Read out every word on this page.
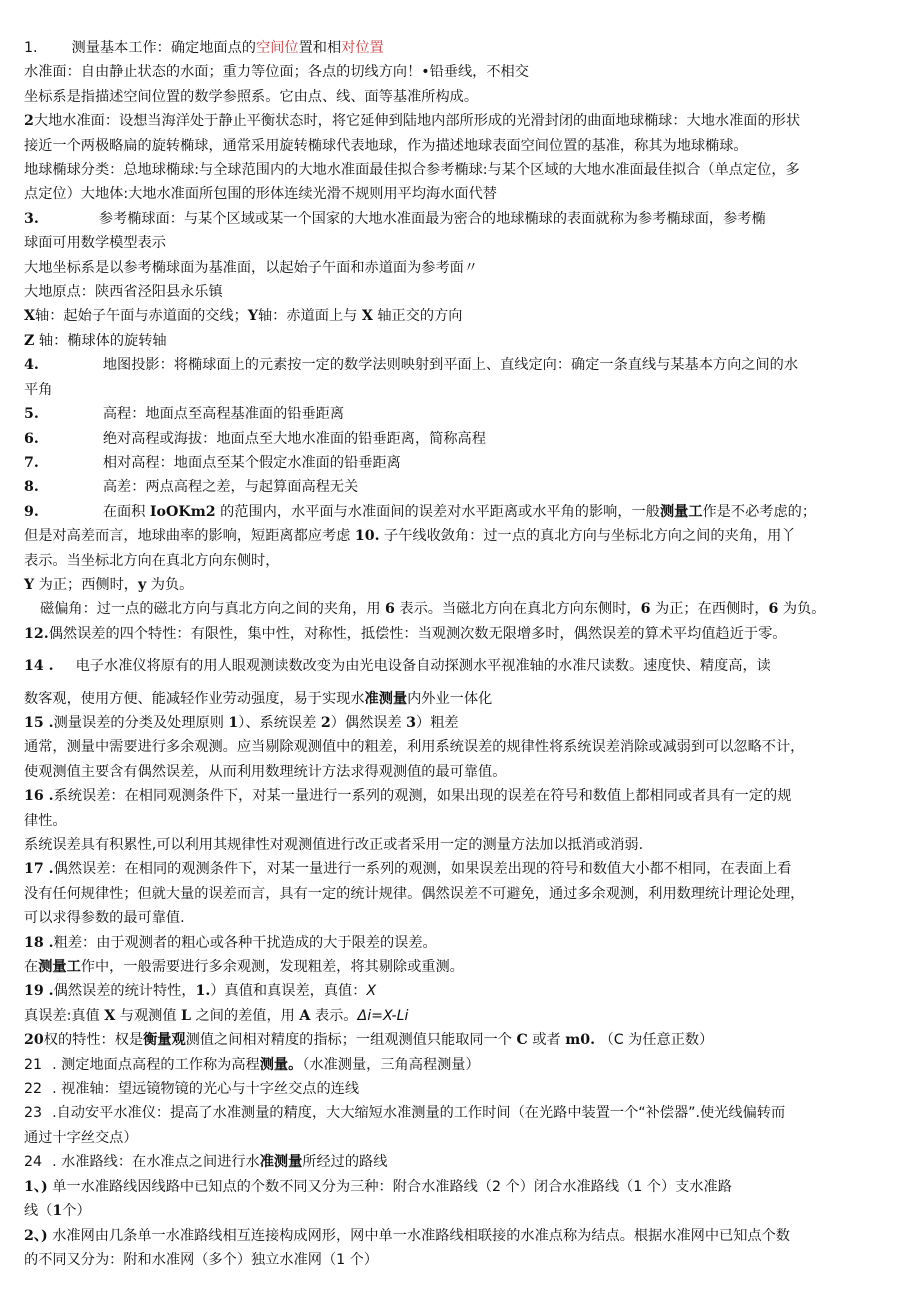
1. 测量基本工作：确定地面点的空间位置和相对位置
水准面：自由静止状态的水面；重力等位面；各点的切线方向！•铅垂线，不相交
坐标系是指描述空间位置的数学参照系。它由点、线、面等基准所构成。
2大地水准面：设想当海洋处于静止平衡状态时，将它延伸到陆地内部所形成的光滑封闭的曲面地球椭球：大地水准面的形状
接近一个两极略扁的旋转椭球，通常采用旋转椭球代表地球，作为描述地球表面空间位置的基准，称其为地球椭球。
地球椭球分类：总地球椭球:与全球范围内的大地水准面最佳拟合参考椭球:与某个区域的大地水准面最佳拟合（单点定位，多
点定位）大地体:大地水准面所包围的形体连续光滑不规则用平均海水面代替
3.	参考椭球面：与某个区域或某一个国家的大地水准面最为密合的地球椭球的表面就称为参考椭球面，参考椭
球面可用数学模型表示
大地坐标系是以参考椭球面为基准面，以起始子午面和赤道面为参考面〃
大地原点：陕西省泾阳县永乐镇
X轴：起始子午面与赤道面的交线；Y轴：赤道面上与 X 轴正交的方向
Z 轴：椭球体的旋转轴
4.	地图投影：将椭球面上的元素按一定的数学法则映射到平面上、直线定向：确定一条直线与某基本方向之间的水
平角
5.	高程：地面点至高程基准面的铅垂距离
6.	绝对高程或海拔：地面点至大地水准面的铅垂距离，简称高程
7.	相对高程：地面点至某个假定水准面的铅垂距离
8.	高差：两点高程之差，与起算面高程无关
9.	在面积 IoOKm2 的范围内，水平面与水准面间的误差对水平距离或水平角的影响，一般测量工作是不必考虑的；
但是对高差而言，地球曲率的影响，短距离都应考虑 10. 子午线收敛角：过一点的真北方向与坐标北方向之间的夹角，用丫
表示。当坐标北方向在真北方向东侧时，
Y 为正；西侧时，y 为负。
磁偏角：过一点的磁北方向与真北方向之间的夹角，用 6 表示。当磁北方向在真北方向东侧时，6 为正；在西侧时，6 为负。
12.偶然误差的四个特性：有限性，集中性，对称性，抵偿性：当观测次数无限增多时，偶然误差的算术平均值趋近于零。
14 . 电子水准仪将原有的用人眼观测读数改变为由光电设备自动探测水平视准轴的水准尺读数。速度快、精度高，读
数客观，使用方便、能减轻作业劳动强度，易于实现水准测量内外业一体化
15 .测量误差的分类及处理原则 1）、系统误差 2）偶然误差 3）粗差
通常，测量中需要进行多余观测。应当剔除观测值中的粗差，利用系统误差的规律性将系统误差消除或减弱到可以忽略不计，
使观测值主要含有偶然误差，从而利用数理统计方法求得观测值的最可靠值。
16 .系统误差：在相同观测条件下，对某一量进行一系列的观测，如果出现的误差在符号和数值上都相同或者具有一定的规
律性。
系统误差具有积累性,可以利用其规律性对观测值进行改正或者采用一定的测量方法加以抵消或消弱.
17 .偶然误差：在相同的观测条件下，对某一量进行一系列的观测，如果误差出现的符号和数值大小都不相同，在表面上看
没有任何规律性；但就大量的误差而言，具有一定的统计规律。偶然误差不可避免，通过多余观测，利用数理统计理论处理，
可以求得参数的最可靠值.
18 .粗差：由于观测者的粗心或各种干扰造成的大于限差的误差。
在测量工作中，一般需要进行多余观测，发现粗差，将其剔除或重测。
19 .偶然误差的统计特性，1.）真值和真误差，真值：X
真误差:真值 X 与观测值 L 之间的差值，用 A 表示。Δi=X-Li
20权的特性：权是衡量观测值之间相对精度的指标；一组观测值只能取同一个 C 或者 m0. （C 为任意正数）
21 . 测定地面点高程的工作称为高程测量。（水准测量，三角高程测量）
22 . 视准轴：望远镜物镜的光心与十字丝交点的连线
23 .自动安平水准仪：提高了水准测量的精度，大大缩短水准测量的工作时间（在光路中装置一个“补偿器”.使光线偏转而
通过十字丝交点）
24 . 水准路线：在水准点之间进行水准测量所经过的路线
1、) 单一水准路线因线路中已知点的个数不同又分为三种：附合水准路线（2 个）闭合水准路线（1 个）支水准路
线（1个）
2、) 水准网由几条单一水准路线相互连接构成网形，网中单一水准路线相联接的水准点称为结点。根据水准网中已知点个数
的不同又分为：附和水准网（多个）独立水准网（1 个）
